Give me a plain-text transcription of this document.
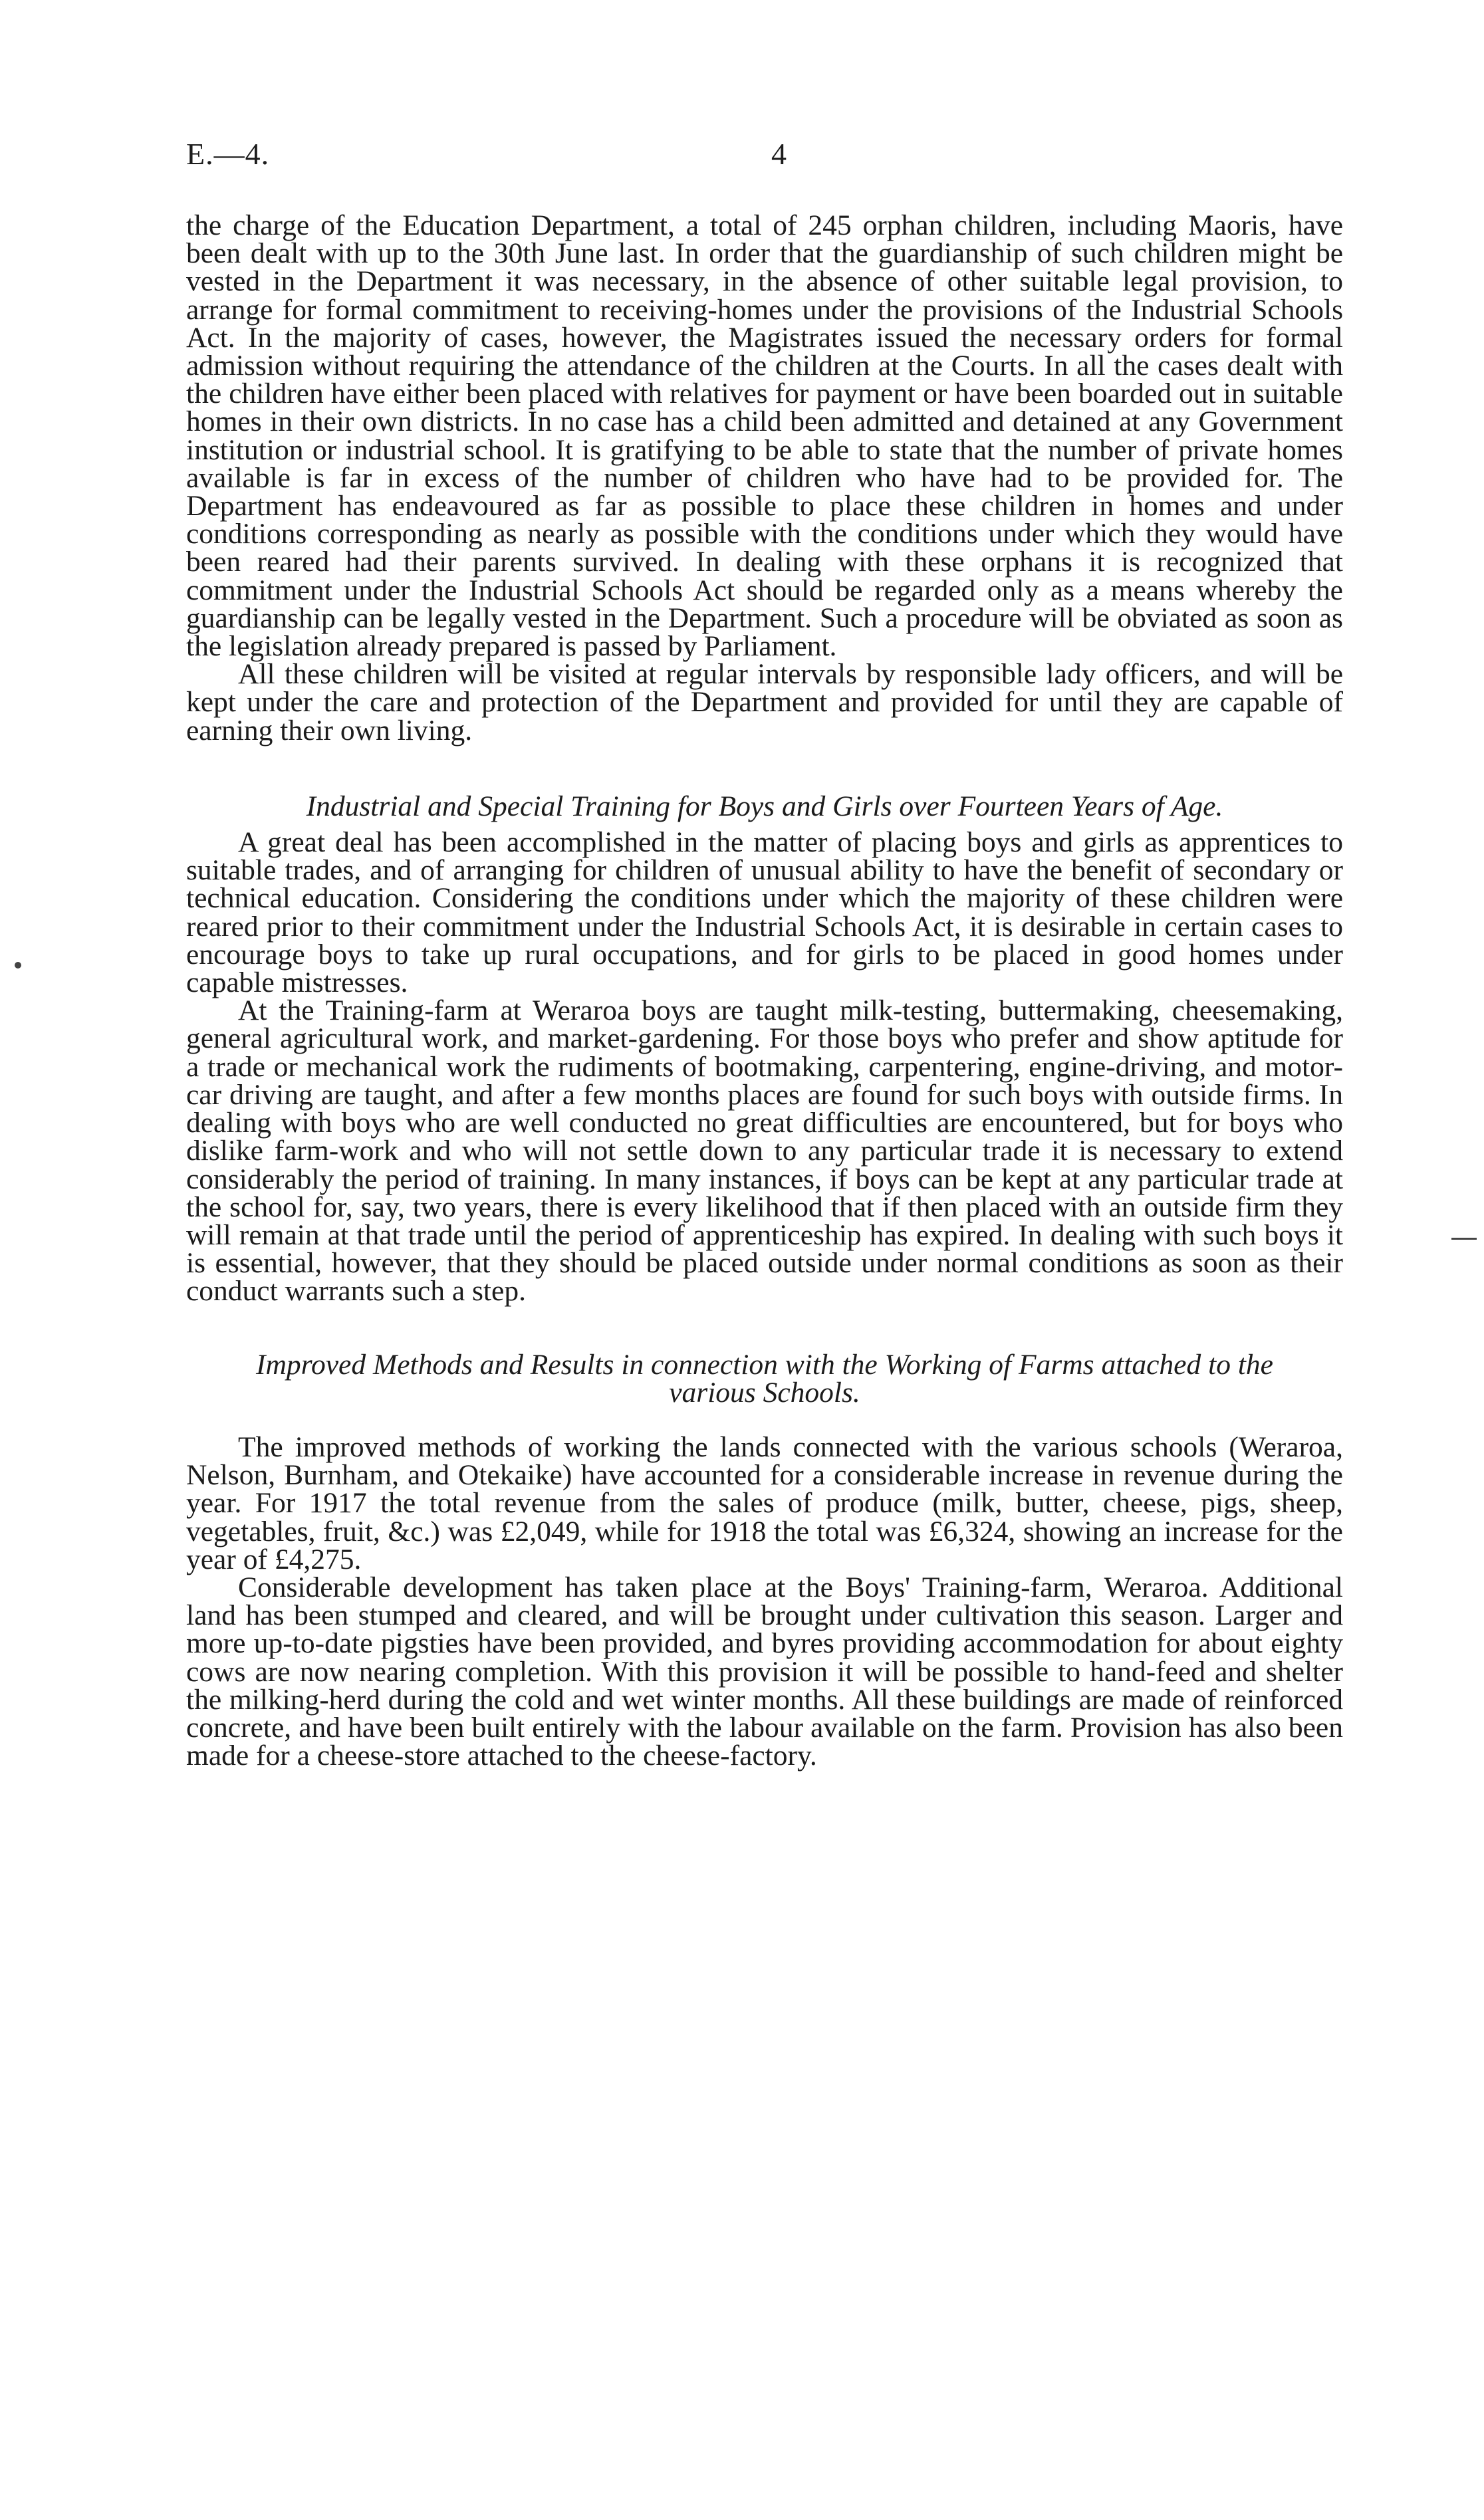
E.—4.	4

the charge of the Education Department, a total of 245 orphan children, including Maoris, have been dealt with up to the 30th June last. In order that the guardianship of such children might be vested in the Department it was necessary, in the absence of other suitable legal provision, to arrange for formal commitment to receiving-homes under the provisions of the Industrial Schools Act. In the majority of cases, however, the Magistrates issued the necessary orders for formal admission without requiring the attendance of the children at the Courts. In all the cases dealt with the children have either been placed with relatives for payment or have been boarded out in suitable homes in their own districts. In no case has a child been admitted and detained at any Government institution or industrial school. It is gratifying to be able to state that the number of private homes available is far in excess of the number of children who have had to be provided for. The Department has endeavoured as far as possible to place these children in homes and under conditions corresponding as nearly as possible with the conditions under which they would have been reared had their parents survived. In dealing with these orphans it is recognized that commitment under the Industrial Schools Act should be regarded only as a means whereby the guardianship can be legally vested in the Department. Such a procedure will be obviated as soon as the legislation already prepared is passed by Parliament.

All these children will be visited at regular intervals by responsible lady officers, and will be kept under the care and protection of the Department and provided for until they are capable of earning their own living.

Industrial and Special Training for Boys and Girls over Fourteen Years of Age.

A great deal has been accomplished in the matter of placing boys and girls as apprentices to suitable trades, and of arranging for children of unusual ability to have the benefit of secondary or technical education. Considering the conditions under which the majority of these children were reared prior to their commitment under the Industrial Schools Act, it is desirable in certain cases to encourage boys to take up rural occupations, and for girls to be placed in good homes under capable mistresses.

At the Training-farm at Weraroa boys are taught milk-testing, buttermaking, cheesemaking, general agricultural work, and market-gardening. For those boys who prefer and show aptitude for a trade or mechanical work the rudiments of bootmaking, carpentering, engine-driving, and motor-car driving are taught, and after a few months places are found for such boys with outside firms. In dealing with boys who are well conducted no great difficulties are encountered, but for boys who dislike farm-work and who will not settle down to any particular trade it is necessary to extend considerably the period of training. In many instances, if boys can be kept at any particular trade at the school for, say, two years, there is every likelihood that if then placed with an outside firm they will remain at that trade until the period of apprenticeship has expired. In dealing with such boys it is essential, however, that they should be placed outside under normal conditions as soon as their conduct warrants such a step.

Improved Methods and Results in connection with the Working of Farms attached to the various Schools.

The improved methods of working the lands connected with the various schools (Weraroa, Nelson, Burnham, and Otekaike) have accounted for a considerable increase in revenue during the year. For 1917 the total revenue from the sales of produce (milk, butter, cheese, pigs, sheep, vegetables, fruit, &c.) was £2,049, while for 1918 the total was £6,324, showing an increase for the year of £4,275.

Considerable development has taken place at the Boys' Training-farm, Weraroa. Additional land has been stumped and cleared, and will be brought under cultivation this season. Larger and more up-to-date pigsties have been provided, and byres providing accommodation for about eighty cows are now nearing completion. With this provision it will be possible to hand-feed and shelter the milking-herd during the cold and wet winter months. All these buildings are made of reinforced concrete, and have been built entirely with the labour available on the farm. Provision has also been made for a cheese-store attached to the cheese-factory.
